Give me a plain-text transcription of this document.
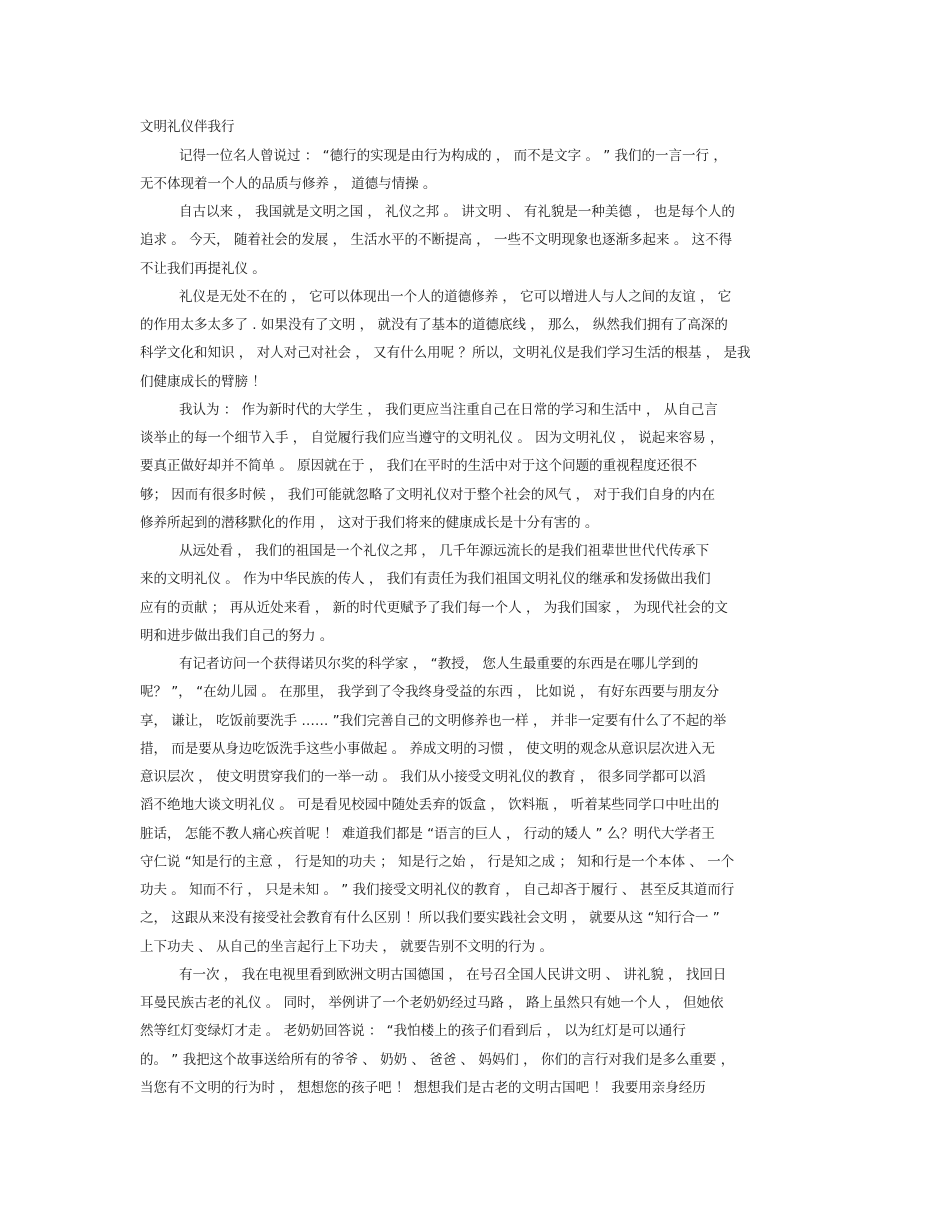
文明礼仪伴我行
记得一位名人曾说过 ： “德行的实现是由行为构成的 ， 而不是文字 。 ” 我们的一言一行 ，
无不体现着一个人的品质与修养 ， 道德与情操 。
自古以来 ， 我国就是文明之国 ， 礼仪之邦 。 讲文明 、 有礼貌是一种美德 ， 也是每个人的
追求 。 今天， 随着社会的发展 ， 生活水平的不断提高 ， 一些不文明现象也逐渐多起来 。 这不得
不让我们再提礼仪 。
礼仪是无处不在的 ， 它可以体现出一个人的道德修养 ， 它可以增进人与人之间的友谊 ， 它
的作用太多太多了 . 如果没有了文明 ， 就没有了基本的道德底线 ， 那么， 纵然我们拥有了高深的
科学文化和知识 ， 对人对己对社会 ， 又有什么用呢 ？所以，文明礼仪是我们学习生活的根基 ， 是我
们健康成长的臂膀 ！
我认为 ： 作为新时代的大学生 ， 我们更应当注重自己在日常的学习和生活中 ， 从自己言
谈举止的每一个细节入手 ， 自觉履行我们应当遵守的文明礼仪 。 因为文明礼仪 ， 说起来容易 ，
要真正做好却并不简单 。 原因就在于 ， 我们在平时的生活中对于这个问题的重视程度还很不
够； 因而有很多时候 ， 我们可能就忽略了文明礼仪对于整个社会的风气 ， 对于我们自身的内在
修养所起到的潜移默化的作用 ， 这对于我们将来的健康成长是十分有害的 。
从远处看 ， 我们的祖国是一个礼仪之邦 ， 几千年源远流长的是我们祖辈世世代代传承下
来的文明礼仪 。 作为中华民族的传人 ， 我们有责任为我们祖国文明礼仪的继承和发扬做出我们
应有的贡献 ； 再从近处来看 ， 新的时代更赋予了我们每一个人 ， 为我们国家 ， 为现代社会的文
明和进步做出我们自己的努力 。
有记者访问一个获得诺贝尔奖的科学家 ， “教授， 您人生最重要的东西是在哪儿学到的
呢？ ”， “在幼儿园 。 在那里， 我学到了令我终身受益的东西 ， 比如说 ， 有好东西要与朋友分
享， 谦让， 吃饭前要洗手 …… ”我们完善自己的文明修养也一样 ， 并非一定要有什么了不起的举
措， 而是要从身边吃饭洗手这些小事做起 。 养成文明的习惯 ， 使文明的观念从意识层次进入无
意识层次 ， 使文明贯穿我们的一举一动 。 我们从小接受文明礼仪的教育 ， 很多同学都可以滔
滔不绝地大谈文明礼仪 。 可是看见校园中随处丢弃的饭盒 ， 饮料瓶 ， 听着某些同学口中吐出的
脏话， 怎能不教人痛心疾首呢 ！ 难道我们都是 “语言的巨人 ， 行动的矮人 ” 么？明代大学者王
守仁说 “知是行的主意 ， 行是知的功夫 ； 知是行之始 ， 行是知之成 ； 知和行是一个本体 、 一个
功夫 。 知而不行 ， 只是未知 。 ” 我们接受文明礼仪的教育 ， 自己却吝于履行 、 甚至反其道而行
之， 这跟从来没有接受社会教育有什么区别 ！所以我们要实践社会文明 ， 就要从这 “知行合一 ”
上下功夫 、 从自己的坐言起行上下功夫 ， 就要告别不文明的行为 。
有一次 ， 我在电视里看到欧洲文明古国德国 ， 在号召全国人民讲文明 、 讲礼貌 ， 找回日
耳曼民族古老的礼仪 。 同时， 举例讲了一个老奶奶经过马路 ， 路上虽然只有她一个人 ， 但她依
然等红灯变绿灯才走 。 老奶奶回答说 ： “我怕楼上的孩子们看到后 ， 以为红灯是可以通行
的。 ” 我把这个故事送给所有的爷爷 、 奶奶 、 爸爸 、 妈妈们 ， 你们的言行对我们是多么重要 ，
当您有不文明的行为时 ， 想想您的孩子吧 ！ 想想我们是古老的文明古国吧 ！ 我要用亲身经历
